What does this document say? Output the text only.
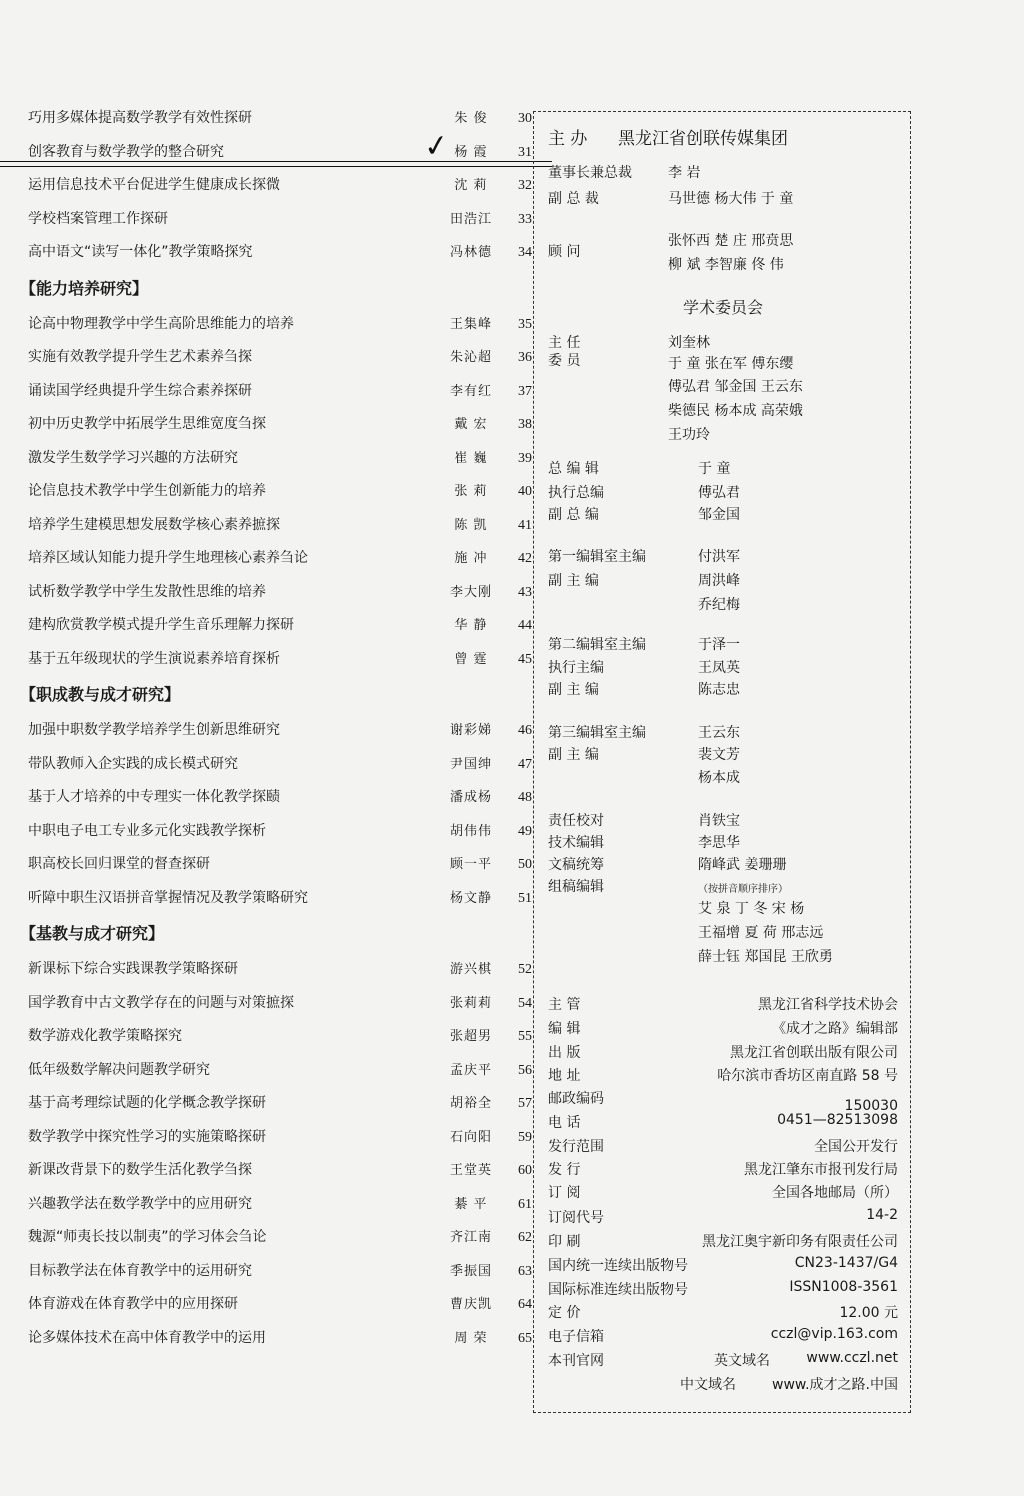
巧用多媒体提高数学教学有效性探研	朱 俊	30
创客教育与数学教学的整合研究	杨 霞	31
运用信息技术平台促进学生健康成长探微	沈 莉	32
学校档案管理工作探研	田浩江	33
高中语文“读写一体化”教学策略探究	冯林德	34
【能力培养研究】
论高中物理教学中学生高阶思维能力的培养	王集峰	35
实施有效教学提升学生艺术素养刍探	朱沁超	36
诵读国学经典提升学生综合素养探研	李有红	37
初中历史教学中拓展学生思维宽度刍探	戴 宏	38
激发学生数学学习兴趣的方法研究	崔 巍	39
论信息技术教学中学生创新能力的培养	张 莉	40
培养学生建模思想发展数学核心素养摭探	陈 凯	41
培养区域认知能力提升学生地理核心素养刍论	施 冲	42
试析数学教学中学生发散性思维的培养	李大刚	43
建构欣赏教学模式提升学生音乐理解力探研	华 静	44
基于五年级现状的学生演说素养培育探析	曾 霆	45
【职成教与成才研究】
加强中职数学教学培养学生创新思维研究	谢彩娣	46
带队教师入企实践的成长模式研究	尹国绅	47
基于人才培养的中专理实一体化教学探赜	潘成杨	48
中职电子电工专业多元化实践教学探析	胡伟伟	49
职高校长回归课堂的督查探研	顾一平	50
听障中职生汉语拼音掌握情况及教学策略研究	杨文静	51
【基教与成才研究】
新课标下综合实践课教学策略探研	游兴棋	52
国学教育中古文教学存在的问题与对策摭探	张莉莉	54
数学游戏化教学策略探究	张超男	55
低年级数学解决问题教学研究	孟庆平	56
基于高考理综试题的化学概念教学探研	胡裕全	57
数学教学中探究性学习的实施策略探研	石向阳	59
新课改背景下的数学生活化教学刍探	王堂英	60
兴趣教学法在数学教学中的应用研究	綦 平	61
魏源“师夷长技以制夷”的学习体会刍论	齐江南	62
目标教学法在体育教学中的运用研究	季振国	63
体育游戏在体育教学中的应用探研	曹庆凯	64
论多媒体技术在高中体育教学中的运用	周 荣	65
✓	主 办 黑龙江省创联传媒集团
董事长兼总裁	李 岩
副 总 裁	马世德 杨大伟 于 童
顾 问
张怀西 楚 庄 邢贲思
柳 斌 李智廉 佟 伟
学术委员会
主 任	刘奎林
委 员	于 童 张在军 傅东缨
傅弘君 邹金国 王云东
柴德民 杨本成 高荣娥
王功玲
总 编 辑	于 童
执行总编	傅弘君
副 总 编	邹金国
第一编辑室主编	付洪军
副 主 编	周洪峰
乔纪梅
第二编辑室主编	于泽一
执行主编	王凤英
副 主 编	陈志忠
第三编辑室主编	王云东
副 主 编	裴文芳
杨本成
责任校对	肖铁宝
技术编辑	李思华
文稿统筹	隋峰武 姜珊珊
组稿编辑	（按拼音顺序排序）
艾 泉 丁 冬 宋 杨
王福增 夏 荷 邢志远
薛士钰 郑国昆 王欣勇
主 管	黑龙江省科学技术协会
编 辑	《成才之路》编辑部
出 版	黑龙江省创联出版有限公司
地 址	哈尔滨市香坊区南直路 58 号
邮政编码	150030
电 话	0451—82513098
发行范围	全国公开发行
发 行	黑龙江肇东市报刊发行局
订 阅	全国各地邮局（所）
订阅代号	14-2
印 刷	黑龙江奥宇新印务有限责任公司
国内统一连续出版物号	CN23-1437/G4
国际标准连续出版物号	ISSN1008-3561
定 价	12.00 元
电子信箱	cczl@vip.163.com
本刊官网	英文域名	www.cczl.net
中文域名	www.成才之路.中国
